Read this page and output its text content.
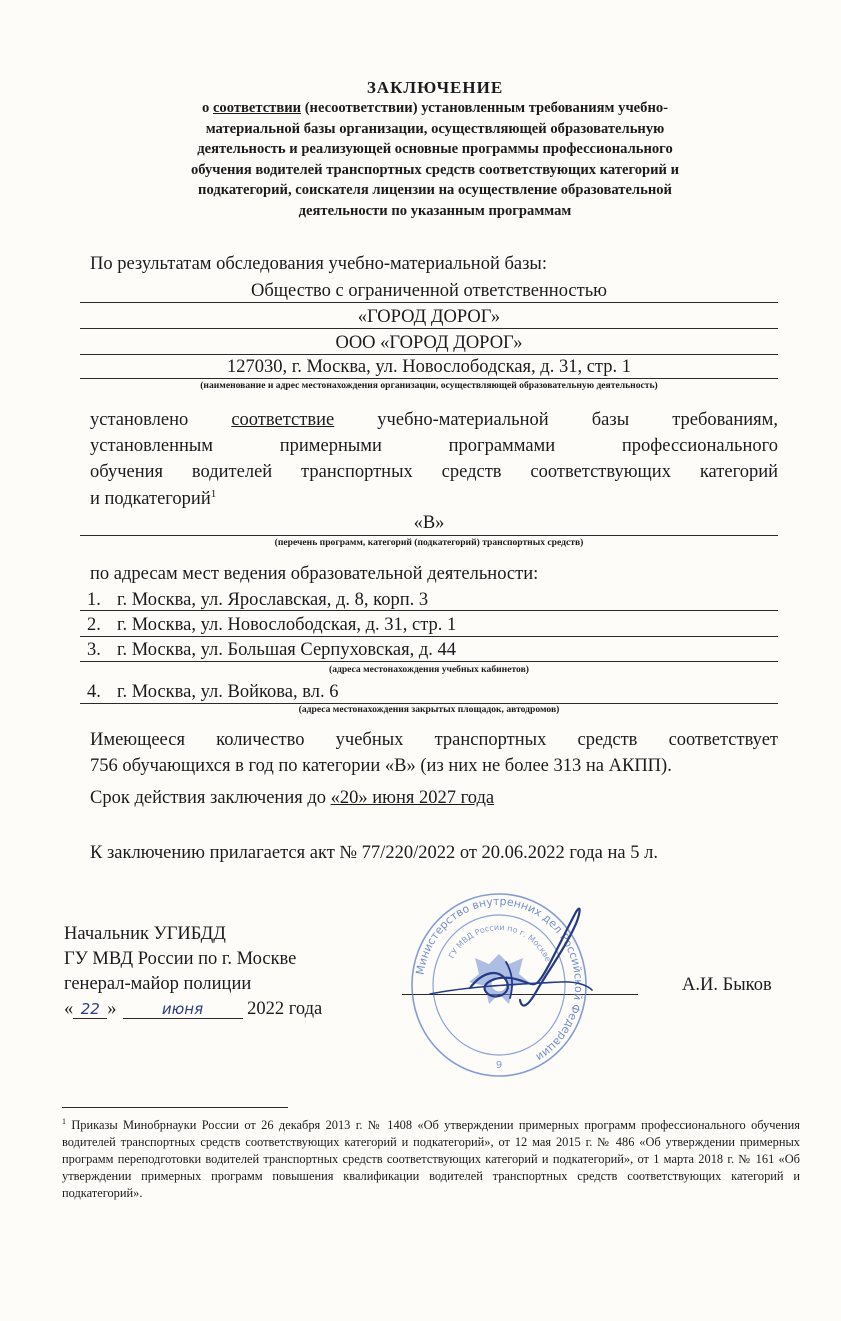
ЗАКЛЮЧЕНИЕ
о соответствии (несоответствии) установленным требованиям учебно-
материальной базы организации, осуществляющей образовательную
деятельность и реализующей основные программы профессионального
обучения водителей транспортных средств соответствующих категорий и
подкатегорий, соискателя лицензии на осуществление образовательной
деятельности по указанным программам
По результатам обследования учебно-материальной базы:
Общество с ограниченной ответственностью
«ГОРОД ДОРОГ»
ООО «ГОРОД ДОРОГ»
127030, г. Москва, ул. Новослободская, д. 31, стр. 1
(наименование и адрес местонахождения организации, осуществляющей образовательную деятельность)
установлено соответствие учебно-материальной базы требованиям,
установленным примерными программами профессионального
обучения водителей транспортных средств соответствующих категорий
и подкатегорий$^1$
«В»
(перечень программ, категорий (подкатегорий) транспортных средств)
по адресам мест ведения образовательной деятельности:
1. г. Москва, ул. Ярославская, д. 8, корп. 3
2. г. Москва, ул. Новослободская, д. 31, стр. 1
3. г. Москва, ул. Большая Серпуховская, д. 44
(адреса местонахождения учебных кабинетов)
4. г. Москва, ул. Войкова, вл. 6
(адреса местонахождения закрытых площадок, автодромов)
Имеющееся количество учебных транспортных средств соответствует
756 обучающихся в год по категории «В» (из них не более 313 на АКПП).
Срок действия заключения до «20» июня 2027 года
К заключению прилагается акт № 77/220/2022 от 20.06.2022 года на 5 л.
Начальник УГИБДД
ГУ МВД России по г. Москве
генерал-майор полиции
« 22 »	июня 2022 года
А.И. Быков
Министерство внутренних дел Российской Федерации
ГУ МВД России по г. Москве
9
$^1$ Приказы Минобрнауки России от 26 декабря 2013 г. № 1408 «Об утверждении примерных программ профессионального обучения водителей транспортных средств соответствующих категорий и подкатегорий», от 12 мая 2015 г. № 486 «Об утверждении примерных программ переподготовки водителей транспортных средств соответствующих категорий и подкатегорий», от 1 марта 2018 г. № 161 «Об утверждении примерных программ повышения квалификации водителей транспортных средств соответствующих категорий и подкатегорий».
